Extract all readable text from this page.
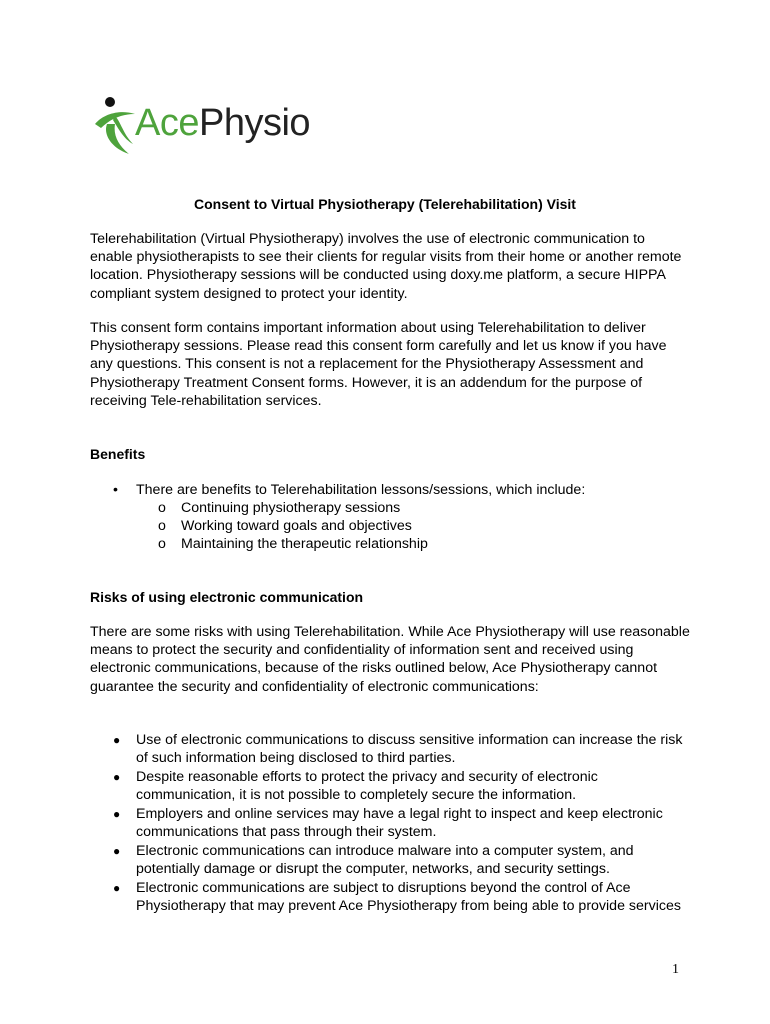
AcePhysio
Consent to Virtual Physiotherapy (Telerehabilitation) Visit

Telerehabilitation (Virtual Physiotherapy) involves the use of electronic communication to enable physiotherapists to see their clients for regular visits from their home or another remote location. Physiotherapy sessions will be conducted using doxy.me platform, a secure HIPPA compliant system designed to protect your identity.

This consent form contains important information about using Telerehabilitation to deliver Physiotherapy sessions. Please read this consent form carefully and let us know if you have any questions. This consent is not a replacement for the Physiotherapy Assessment and Physiotherapy Treatment Consent forms. However, it is an addendum for the purpose of receiving Tele-rehabilitation services.

Benefits
• There are benefits to Telerehabilitation lessons/sessions, which include:
o Continuing physiotherapy sessions
o Working toward goals and objectives
o Maintaining the therapeutic relationship
Risks of using electronic communication

There are some risks with using Telerehabilitation. While Ace Physiotherapy will use reasonable means to protect the security and confidentiality of information sent and received using electronic communications, because of the risks outlined below, Ace Physiotherapy cannot guarantee the security and confidentiality of electronic communications:

● Use of electronic communications to discuss sensitive information can increase the risk of such information being disclosed to third parties.
● Despite reasonable efforts to protect the privacy and security of electronic communication, it is not possible to completely secure the information.
● Employers and online services may have a legal right to inspect and keep electronic communications that pass through their system.
● Electronic communications can introduce malware into a computer system, and potentially damage or disrupt the computer, networks, and security settings.
● Electronic communications are subject to disruptions beyond the control of Ace Physiotherapy that may prevent Ace Physiotherapy from being able to provide services
1
